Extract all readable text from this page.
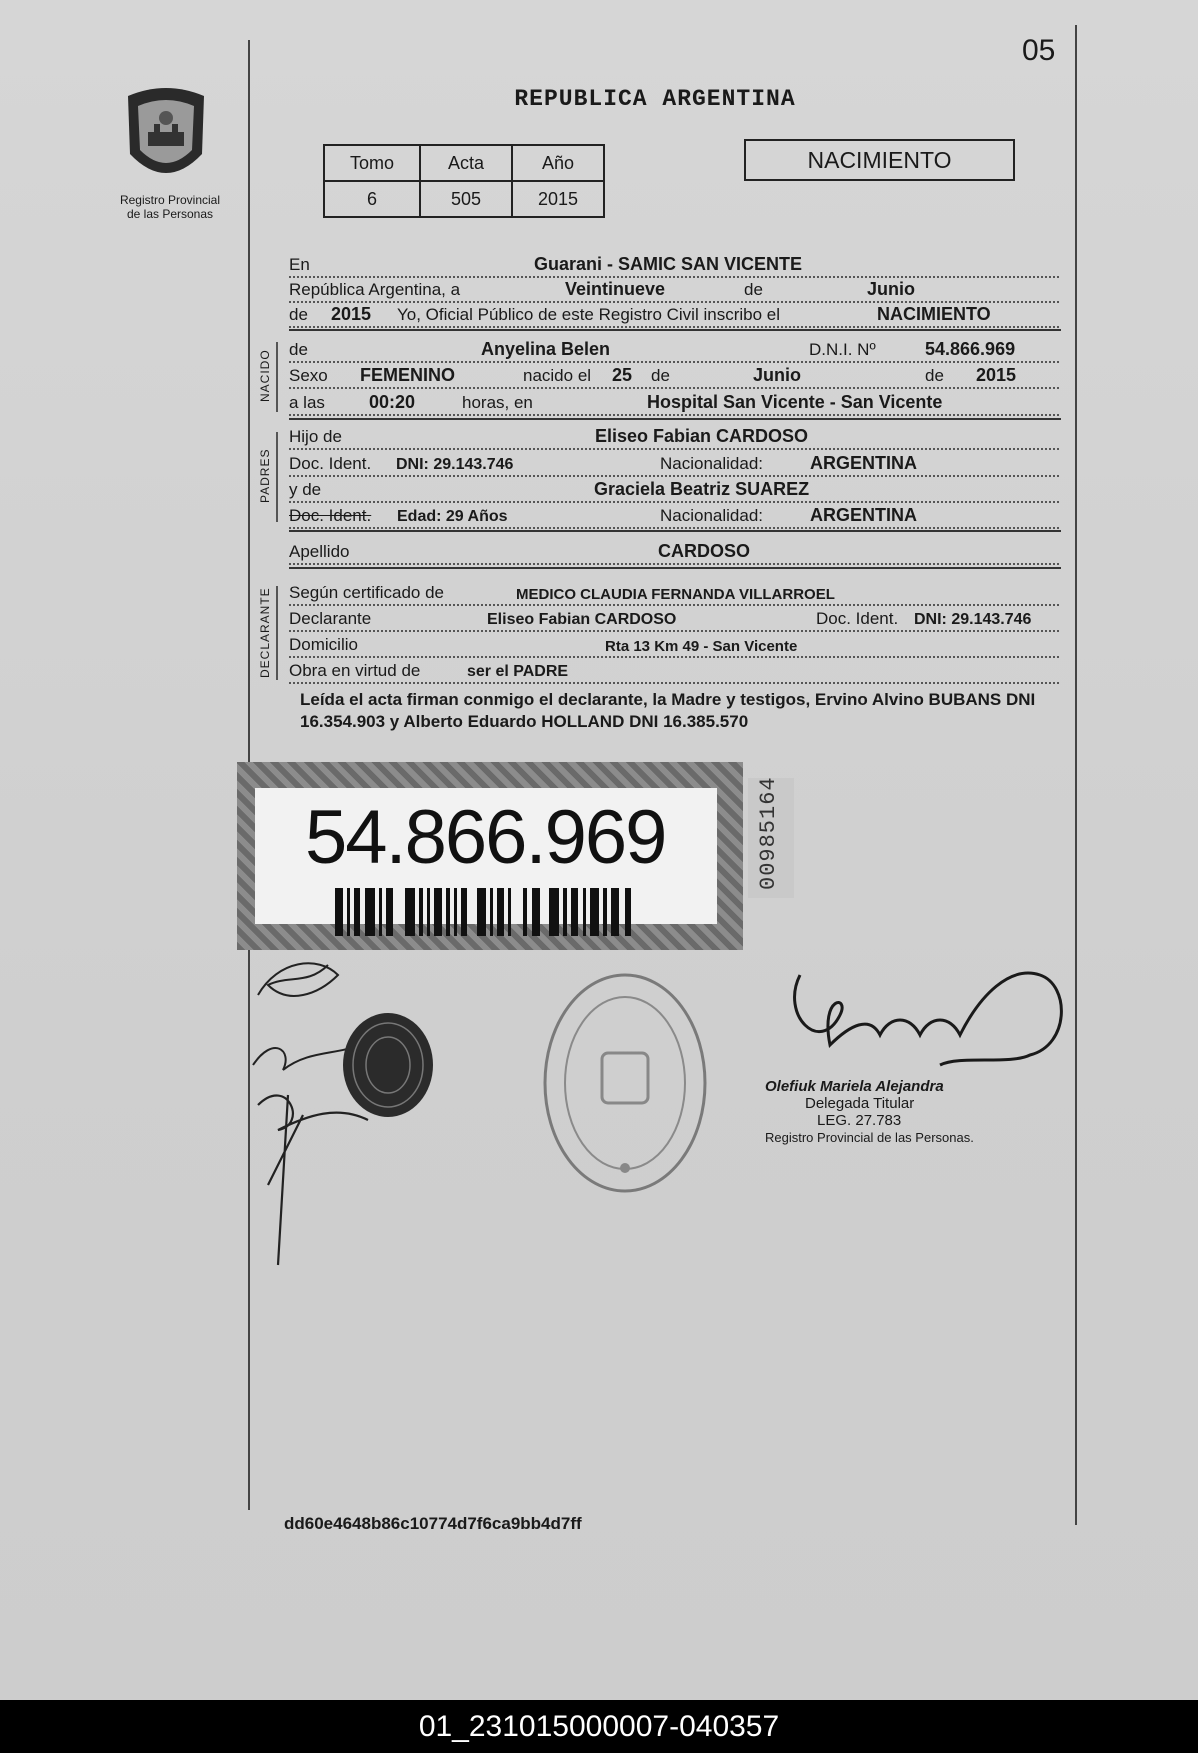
05
Registro Provincial
de las Personas
REPUBLICA ARGENTINA
Tomo	Acta	Año
6	505	2015
NACIMIENTO
En	Guarani - SAMIC SAN VICENTE
República Argentina, a	Veintinueve	de	Junio
de 2015 Yo, Oficial Público de este Registro Civil inscribo el	NACIMIENTO
NACIDO de	Anyelina Belen	D.N.I. Nº	54.866.969
Sexo FEMENINO	nacido el 25 de	Junio	de 2015
a las 00:20	horas, en	Hospital San Vicente - San Vicente
PADRES
Hijo de	Eliseo Fabian CARDOSO
Doc. Ident. DNI: 29.143.746	Nacionalidad:	ARGENTINA
y de	Graciela Beatriz SUAREZ
Doc. Ident. Edad: 29 Años	Nacionalidad:	ARGENTINA
Apellido	CARDOSO
DECLARANTE Según certificado de	MEDICO CLAUDIA FERNANDA VILLARROEL
Declarante	Eliseo Fabian CARDOSO	Doc. Ident. DNI: 29.143.746
Domicilio	Rta 13 Km 49 - San Vicente
Obra en virtud de	ser el PADRE
Leída el acta firman conmigo el declarante, la Madre y testigos, Ervino Alvino BUBANS DNI 16.354.903 y Alberto Eduardo HOLLAND DNI 16.385.570
54.866.969	00985164
Olefiuk Mariela Alejandra
Delegada Titular
LEG. 27.783
Registro Provincial de las Personas.
dd60e4648b86c10774d7f6ca9bb4d7ff
01_231015000007-040357
